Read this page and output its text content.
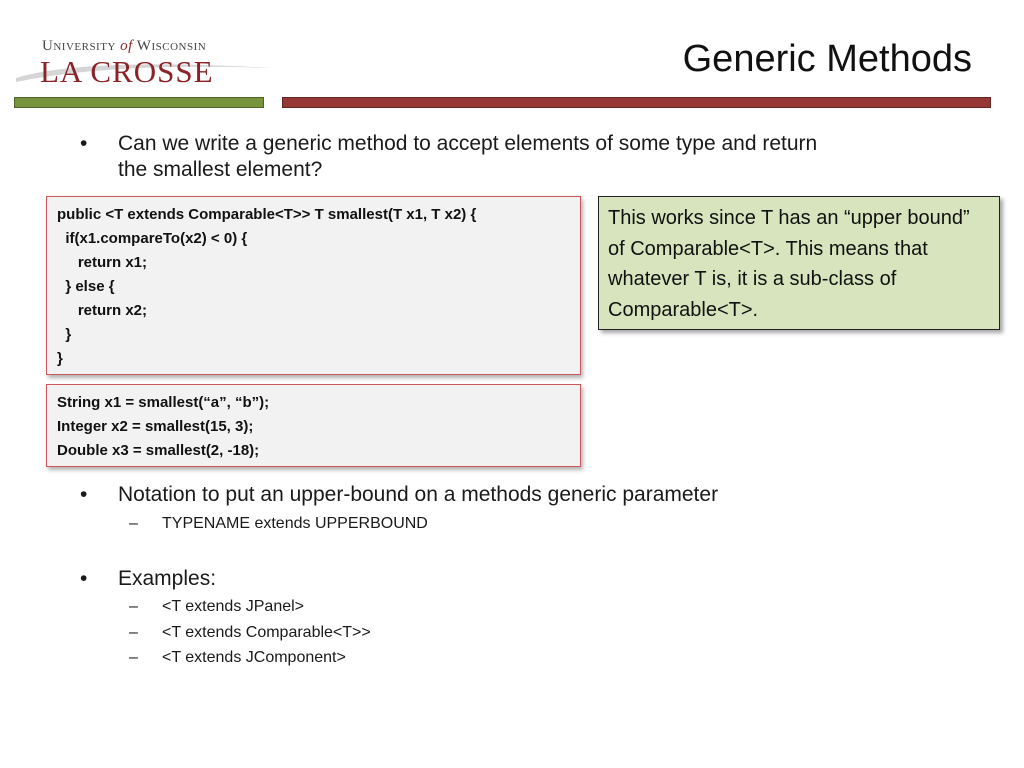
University of Wisconsin
LA CROSSE	Generic Methods
• Can we write a generic method to accept elements of some type and return
the smallest element?
public <T extends Comparable<T>> T smallest(T x1, T x2) {
if(x1.compareTo(x2) < 0) {
return x1;
} else {
return x2;
}
}
String x1 = smallest(“a”, “b”);
Integer x2 = smallest(15, 3);
Double x3 = smallest(2, -18);
This works since T has an “upper bound” of Comparable<T>. This means that whatever T is, it is a sub-class of Comparable<T>.
• Notation to put an upper-bound on a methods generic parameter
– TYPENAME extends UPPERBOUND
• Examples:
– <T extends JPanel>
– <T extends Comparable<T>>
– <T extends JComponent>
